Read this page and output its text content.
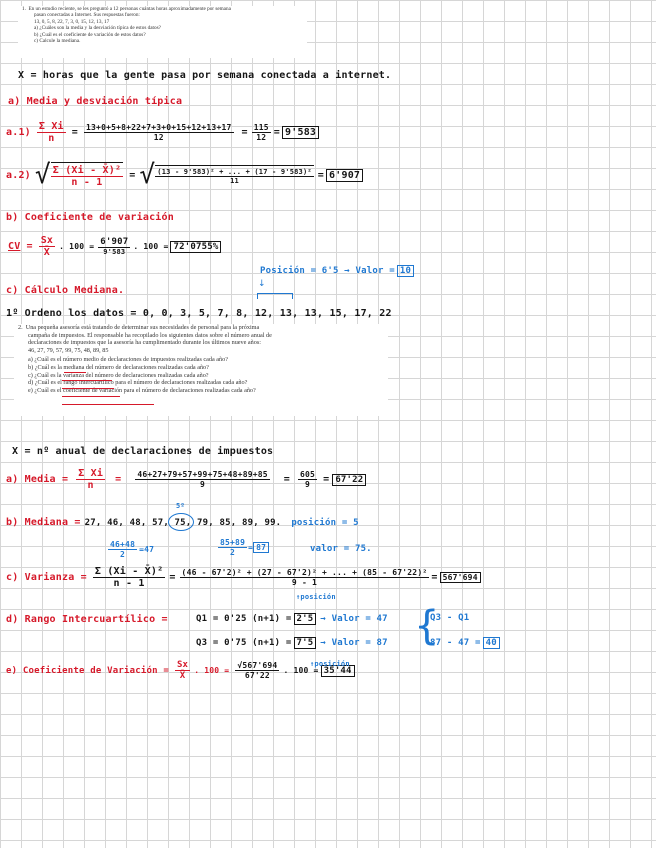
1. En un estudio reciente, se les preguntó a 12 personas cuántas horas aproximadamente por semana
pasan conectadas a Internet. Sus respuestas fueron:
13, 0, 5, 8, 22, 7, 3, 0, 15, 12, 13, 17
a) ¿Cuáles son la media y la desviación típica de estos datos?
b) ¿Cuál es el coeficiente de variación de estos datos?
c) Calcule la mediana.
X = horas que la gente pasa por semana conectada a internet.
a) Media y desviación típica
$a.1) \frac{\text{Σ Xi}}{n} = \frac{13+0+5+8+22+7+3+0+15+12+13+17}{12} = \frac{115}{12} = 9'583$
a.2) √ $\frac{\text{Σ (Xi - X̄)²}}{n - 1}$ = √ $\frac{\text{(13 - 9'583)² + ... + (17 - 9'583)²}}{11} = 6'907$
b) Coeficiente de variación
CV = $\frac{Sx}{X̄}$ . $100 = \frac{6'907}{9'583}$ . 100 = 72'0755%
Posición = 6'5 → Valor = 10
↓
c) Cálculo Mediana.
1º Ordeno los datos = 0, 0, 3, 5, 7, 8, 12, 13, 13, 15, 17, 22
2. Una pequeña asesoría está tratando de determinar sus necesidades de personal para la próxima
campaña de impuestos. El responsable ha recopilado los siguientes datos sobre el número anual de
declaraciones de impuestos que la asesoría ha cumplimentado durante los últimos nueve años:
46, 27, 79, 57, 99, 75, 48, 89, 85
a) ¿Cuál es el número medio de declaraciones de impuestos realizadas cada año?
b) ¿Cuál es la mediana del número de declaraciones realizadas cada año?
c) ¿Cuál es la varianza del número de declaraciones realizadas cada año?
d) ¿Cuál es el rango intercuartílico para el número de declaraciones realizadas cada año?
e) ¿Cuál es el coeficiente de variación para el número de declaraciones realizadas cada año?
X = nº anual de declaraciones de impuestos
a) Media = $\frac{\text{Σ Xi}}{n} = \frac{46+27+79+57+99+75+48+89+85}{9} = \frac{605}{9} = 67'22$
5º
b) Mediana = 27, 46, 48, 57, 75, 79, 85, 89, 99. posición = 5
$\frac{46+48}{2} =47$	$\frac{85+89}{2} = 87$	valor = 75.
c) Varianza = $\frac{\text{Σ (Xi - X̄)²}}{n - 1} = \frac{\text{(46 - 67'2)² + (27 - 67'2)² + ... + (85 - 67'22)²}}{9 - 1} = 567'694$
↑posición
d) Rango Intercuartílico =	Q1 = 0'25 (n+1) = 2'5 → Valor = 47
Q3 = 0'75 (n+1) = 7'5 → Valor = 87 {
Q3 - Q1
87 - 47 = 40
e) Coeficiente de Variación = $\frac{Sx}{X̄}$ . $100 = \frac{√567'694}{67'22}$ . 100 = 35'44
↑posición
